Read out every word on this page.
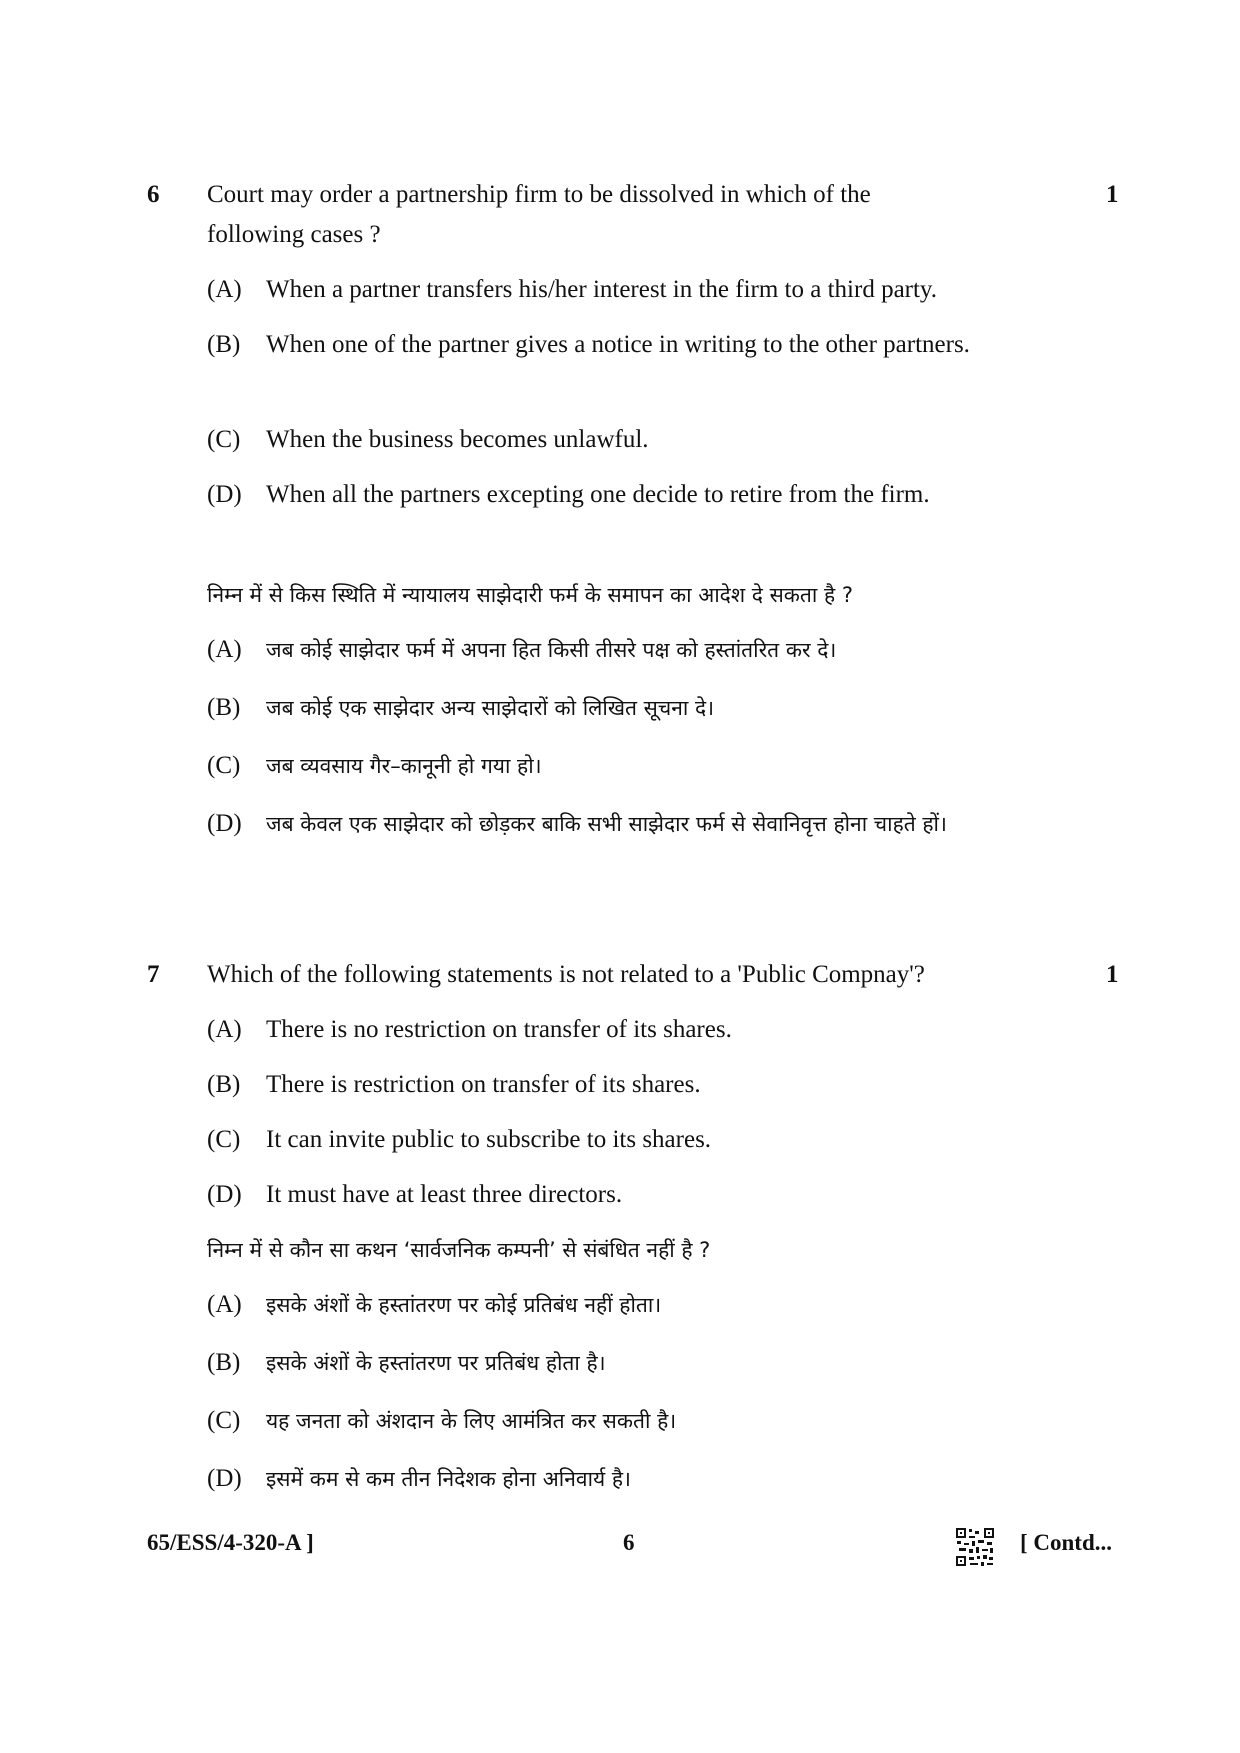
6 Court may order a partnership firm to be dissolved in which of the
following cases ?
1
(A) When a partner transfers his/her interest in the firm to a third party.
(B) When one of the partner gives a notice in writing to the other partners.
(C) When the business becomes unlawful.
(D) When all the partners excepting one decide to retire from the firm.
निम्न में से किस स्थिति में न्यायालय साझेदारी फर्म के समापन का आदेश दे सकता है ?
(A) जब कोई साझेदार फर्म में अपना हित किसी तीसरे पक्ष को हस्तांतरित कर दे।
(B) जब कोई एक साझेदार अन्य साझेदारों को लिखित सूचना दे।
(C) जब व्यवसाय गैर–कानूनी हो गया हो।
(D) जब केवल एक साझेदार को छोड़कर बाकि सभी साझेदार फर्म से सेवानिवृत्त होना चाहते हों।
7 Which of the following statements is not related to a 'Public Compnay'?	1
(A) There is no restriction on transfer of its shares.
(B) There is restriction on transfer of its shares.
(C) It can invite public to subscribe to its shares.
(D) It must have at least three directors.
निम्न में से कौन सा कथन ‘सार्वजनिक कम्पनी’ से संबंधित नहीं है ?
(A) इसके अंशों के हस्तांतरण पर कोई प्रतिबंध नहीं होता।
(B) इसके अंशों के हस्तांतरण पर प्रतिबंध होता है।
(C) यह जनता को अंशदान के लिए आमंत्रित कर सकती है।
(D) इसमें कम से कम तीन निदेशक होना अनिवार्य है।
65/ESS/4-320-A ]	6	[ Contd...
